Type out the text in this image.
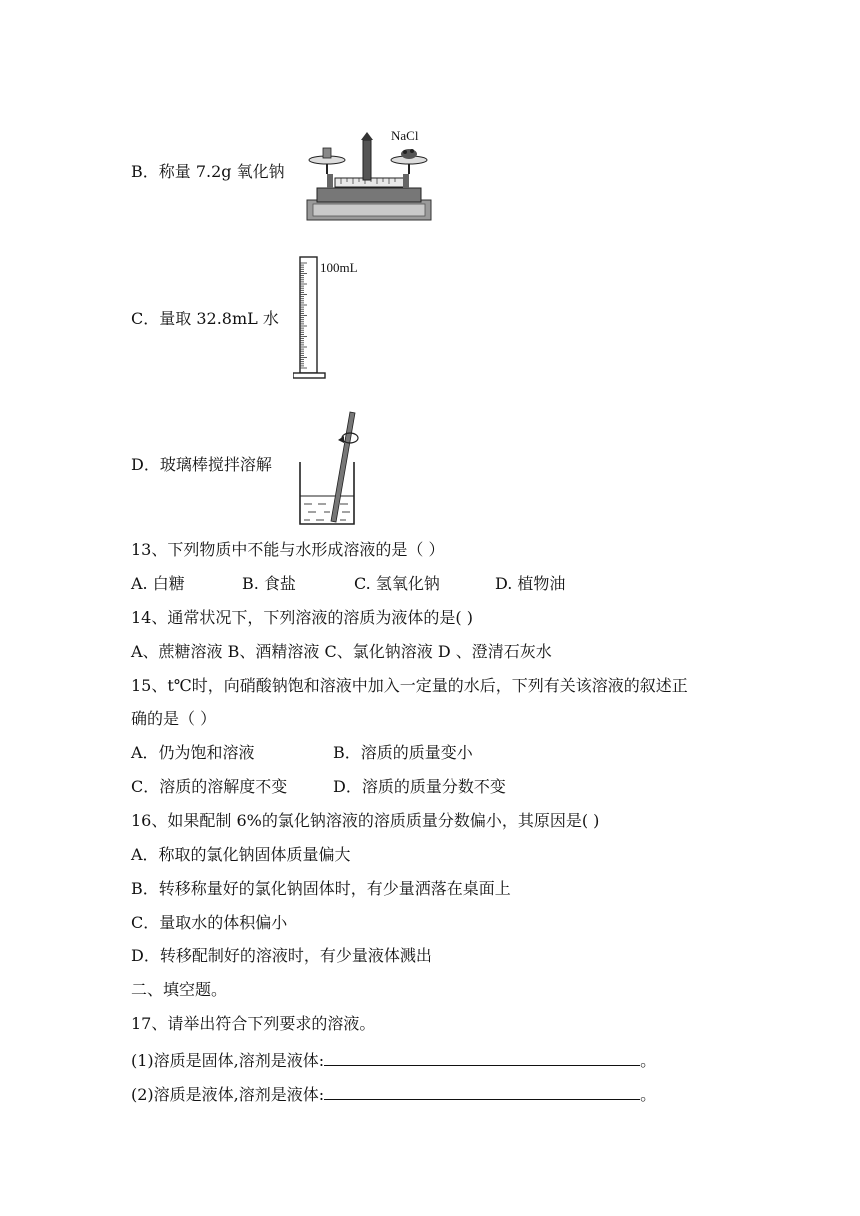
B．称量 7.2g 氧化钠
NaCl
C．量取 32.8mL 水
100mL
D．玻璃棒搅拌溶解
13、下列物质中不能与水形成溶液的是（ ）
A. 白糖	B. 食盐	C. 氢氧化钠	D. 植物油
14、通常状况下，下列溶液的溶质为液体的是( )
A、蔗糖溶液 B、酒精溶液 C、氯化钠溶液 D 、澄清石灰水
15、t℃时，向硝酸钠饱和溶液中加入一定量的水后，下列有关该溶液的叙述正
确的是（ ）
A．仍为饱和溶液	B．溶质的质量变小
C．溶质的溶解度不变	D．溶质的质量分数不变
16、如果配制 6%的氯化钠溶液的溶质质量分数偏小，其原因是( )
A．称取的氯化钠固体质量偏大
B．转移称量好的氯化钠固体时，有少量洒落在桌面上
C．量取水的体积偏小
D．转移配制好的溶液时，有少量液体溅出
二、填空题。
17、请举出符合下列要求的溶液。
(1)溶质是固体,溶剂是液体:	。
(2)溶质是液体,溶剂是液体:	。
